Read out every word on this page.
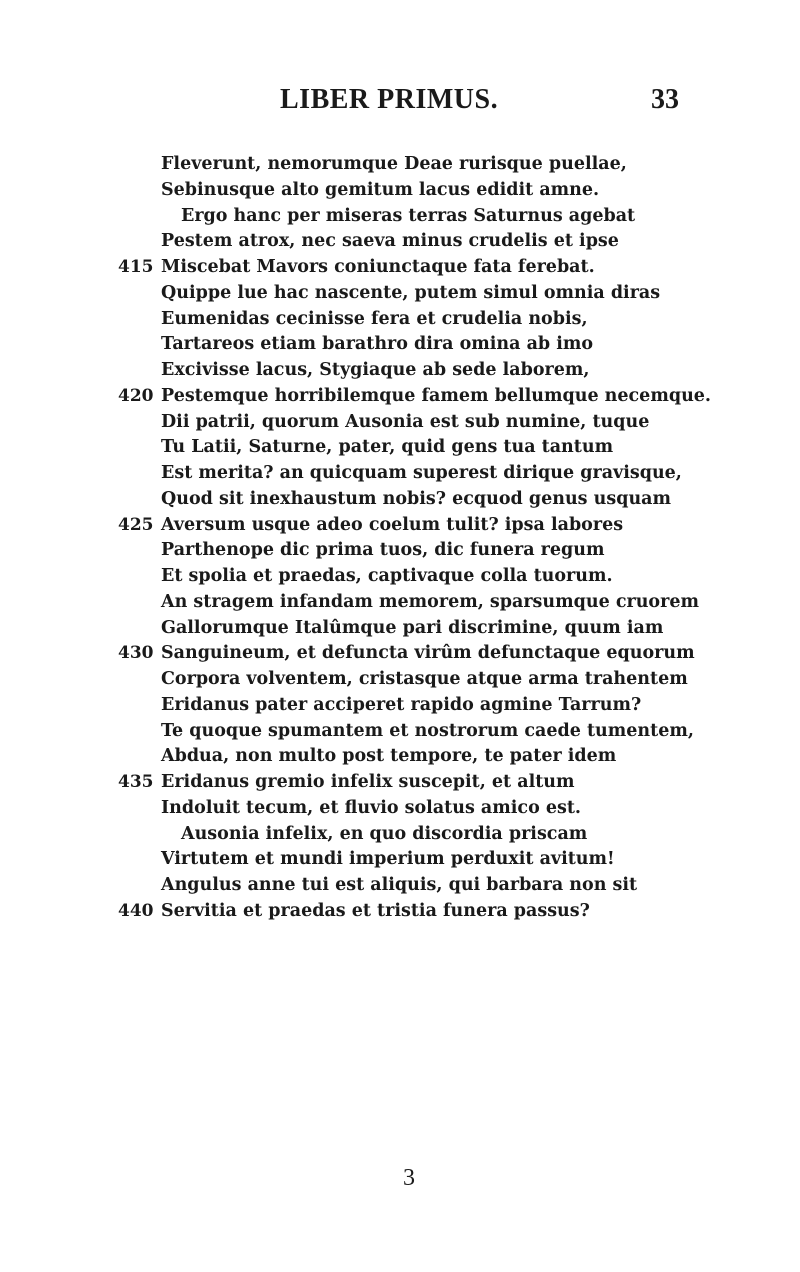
LIBER PRIMUS.	33
Fleverunt, nemorumque Deae rurisque puellae,
Sebinusque alto gemitum lacus edidit amne.
Ergo hanc per miseras terras Saturnus agebat
Pestem atrox, nec saeva minus crudelis et ipse
415 Miscebat Mavors coniunctaque fata ferebat.
Quippe lue hac nascente, putem simul omnia diras
Eumenidas cecinisse fera et crudelia nobis,
Tartareos etiam barathro dira omina ab imo
Excivisse lacus, Stygiaque ab sede laborem,
420 Pestemque horribilemque famem bellumque necemque.
Dii patrii, quorum Ausonia est sub numine, tuque
Tu Latii, Saturne, pater, quid gens tua tantum
Est merita? an quicquam superest dirique gravisque,
Quod sit inexhaustum nobis? ecquod genus usquam
425 Aversum usque adeo coelum tulit? ipsa labores
Parthenope dic prima tuos, dic funera regum
Et spolia et praedas, captivaque colla tuorum.
An stragem infandam memorem, sparsumque cruorem
Gallorumque Italûmque pari discrimine, quum iam
430 Sanguineum, et defuncta virûm defunctaque equorum
Corpora volventem, cristasque atque arma trahentem
Eridanus pater acciperet rapido agmine Tarrum?
Te quoque spumantem et nostrorum caede tumentem,
Abdua, non multo post tempore, te pater idem
435 Eridanus gremio infelix suscepit, et altum
Indoluit tecum, et fluvio solatus amico est.
Ausonia infelix, en quo discordia priscam
Virtutem et mundi imperium perduxit avitum!
Angulus anne tui est aliquis, qui barbara non sit
440 Servitia et praedas et tristia funera passus?
3
